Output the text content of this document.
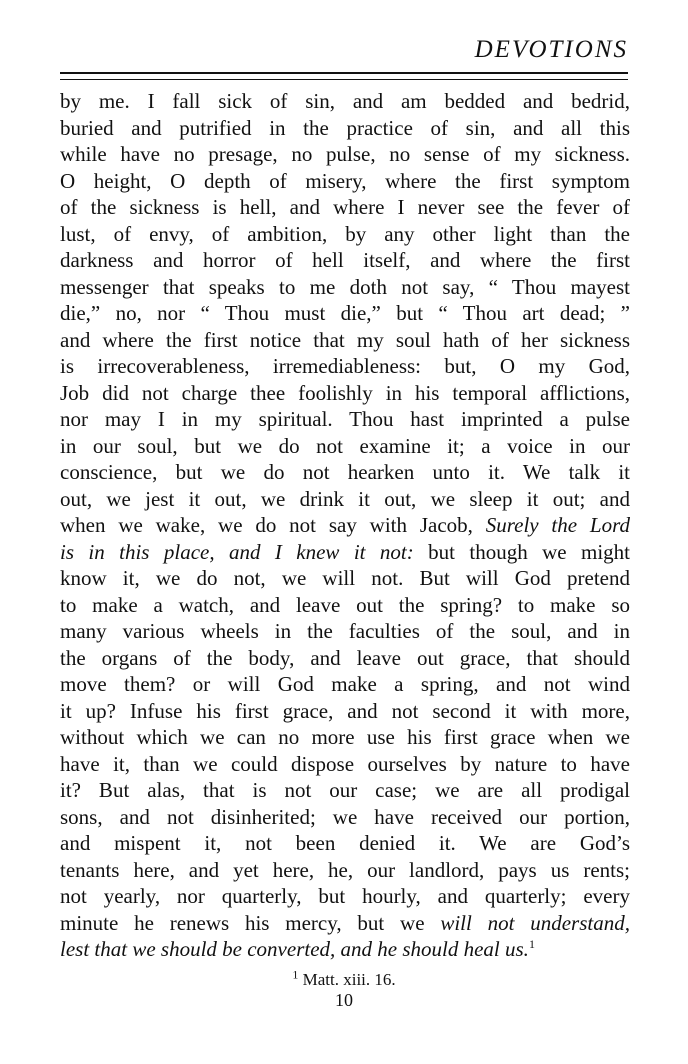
DEVOTIONS
by me. I fall sick of sin, and am bedded and bedrid,
buried and putrified in the practice of sin, and all this
while have no presage, no pulse, no sense of my sickness.
O height, O depth of misery, where the first symptom
of the sickness is hell, and where I never see the fever of
lust, of envy, of ambition, by any other light than the
darkness and horror of hell itself, and where the first
messenger that speaks to me doth not say, “ Thou mayest
die,” no, nor “ Thou must die,” but “ Thou art dead; ”
and where the first notice that my soul hath of her sickness
is irrecoverableness, irremediableness: but, O my God,
Job did not charge thee foolishly in his temporal afflictions,
nor may I in my spiritual. Thou hast imprinted a pulse
in our soul, but we do not examine it; a voice in our
conscience, but we do not hearken unto it. We talk it
out, we jest it out, we drink it out, we sleep it out; and
when we wake, we do not say with Jacob, Surely the Lord
is in this place, and I knew it not: but though we might
know it, we do not, we will not. But will God pretend
to make a watch, and leave out the spring? to make so
many various wheels in the faculties of the soul, and in
the organs of the body, and leave out grace, that should
move them? or will God make a spring, and not wind
it up? Infuse his first grace, and not second it with more,
without which we can no more use his first grace when we
have it, than we could dispose ourselves by nature to have
it? But alas, that is not our case; we are all prodigal
sons, and not disinherited; we have received our portion,
and mispent it, not been denied it. We are God’s
tenants here, and yet here, he, our landlord, pays us rents;
not yearly, nor quarterly, but hourly, and quarterly; every
minute he renews his mercy, but we will not understand,
lest that we should be converted, and he should heal us.$^1$
$^1$ Matt. xiii. 16.
10
